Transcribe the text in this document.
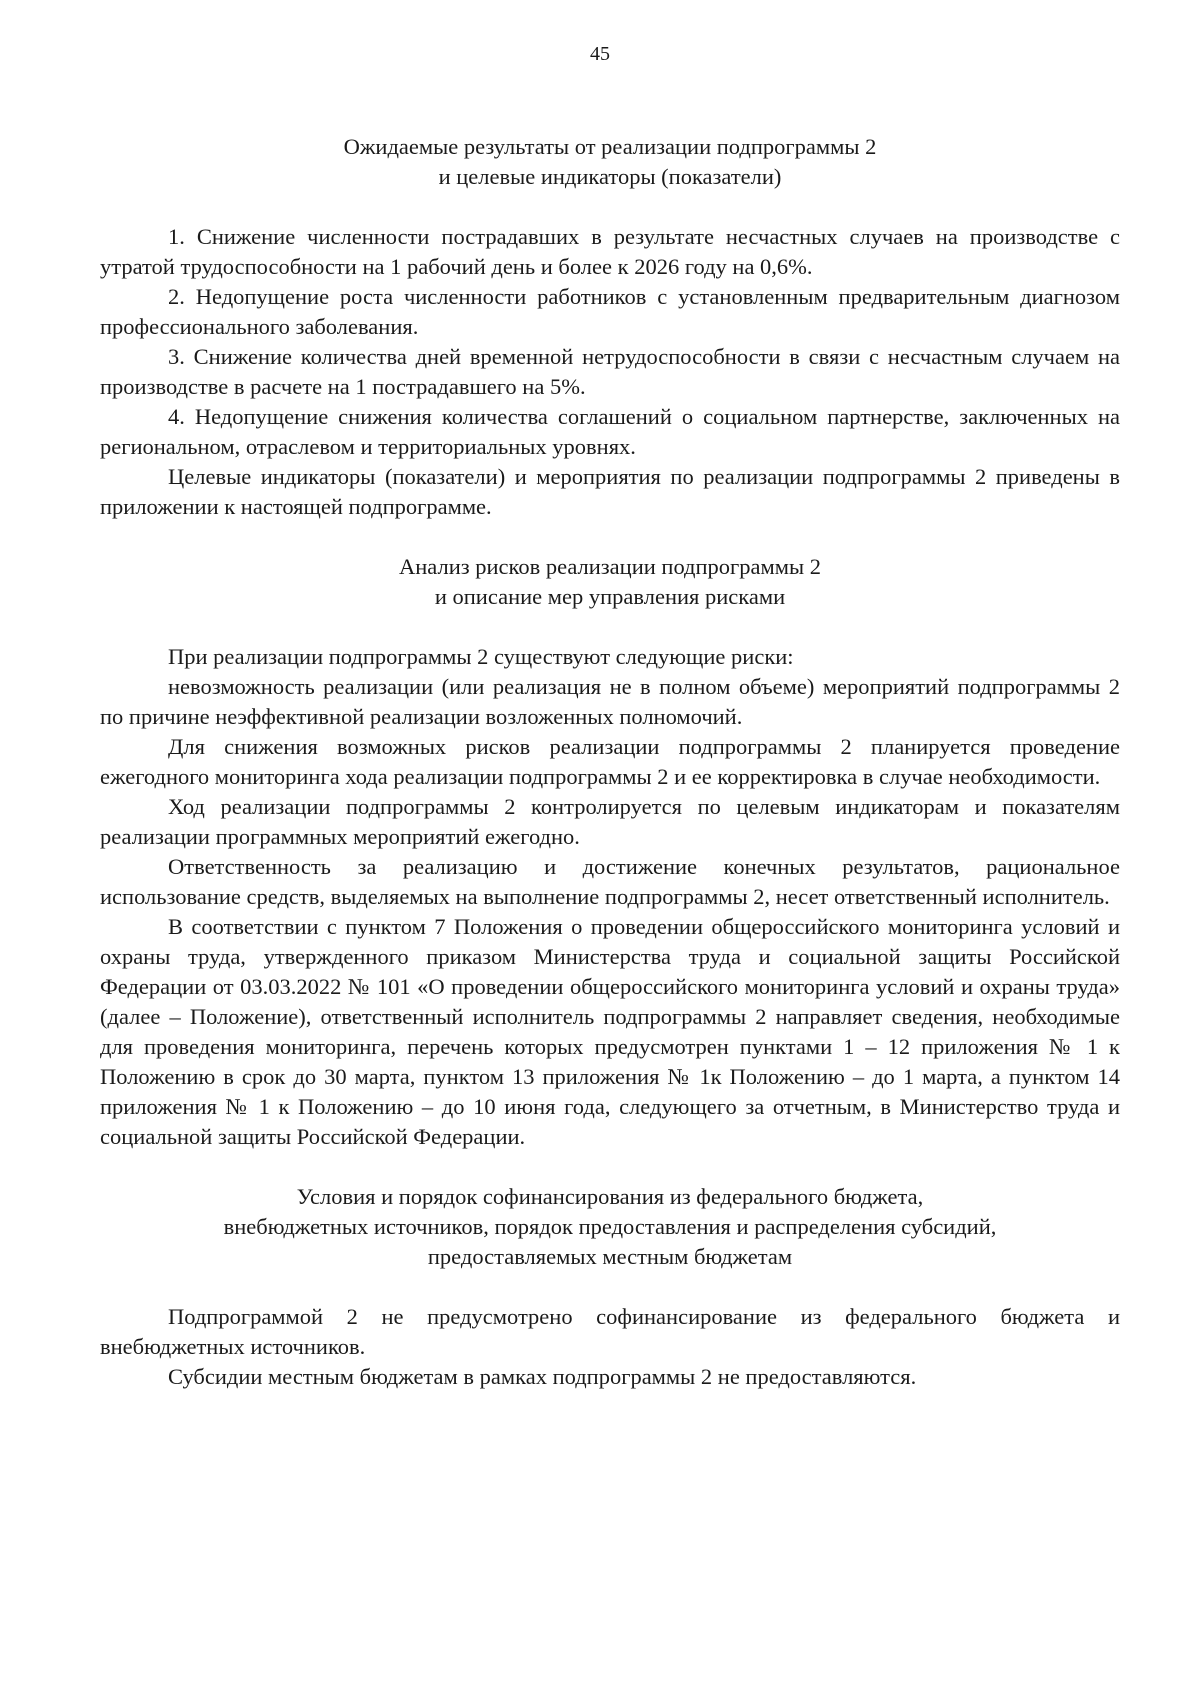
45
Ожидаемые результаты от реализации подпрограммы 2
и целевые индикаторы (показатели)

1. Снижение численности пострадавших в результате несчастных случаев на производстве с утратой трудоспособности на 1 рабочий день и более к 2026 году на 0,6%.

2. Недопущение роста численности работников с установленным предварительным диагнозом профессионального заболевания.

3. Снижение количества дней временной нетрудоспособности в связи с несчастным случаем на производстве в расчете на 1 пострадавшего на 5%.

4. Недопущение снижения количества соглашений о социальном партнерстве, заключенных на региональном, отраслевом и территориальных уровнях.

Целевые индикаторы (показатели) и мероприятия по реализации подпрограммы 2 приведены в приложении к настоящей подпрограмме.

Анализ рисков реализации подпрограммы 2
и описание мер управления рисками

При реализации подпрограммы 2 существуют следующие риски:

невозможность реализации (или реализация не в полном объеме) мероприятий подпрограммы 2 по причине неэффективной реализации возложенных полномочий.

Для снижения возможных рисков реализации подпрограммы 2 планируется проведение ежегодного мониторинга хода реализации подпрограммы 2 и ее корректировка в случае необходимости.

Ход реализации подпрограммы 2 контролируется по целевым индикаторам и показателям реализации программных мероприятий ежегодно.

Ответственность за реализацию и достижение конечных результатов, рациональное использование средств, выделяемых на выполнение подпрограммы 2, несет ответственный исполнитель.

В соответствии с пунктом 7 Положения о проведении общероссийского мониторинга условий и охраны труда, утвержденного приказом Министерства труда и социальной защиты Российской Федерации от 03.03.2022 № 101 «О проведении общероссийского мониторинга условий и охраны труда» (далее – Положение), ответственный исполнитель подпрограммы 2 направляет сведения, необходимые для проведения мониторинга, перечень которых предусмотрен пунктами 1 – 12 приложения № 1 к Положению в срок до 30 марта, пунктом 13 приложения № 1к Положению – до 1 марта, а пунктом 14 приложения № 1 к Положению – до 10 июня года, следующего за отчетным, в Министерство труда и социальной защиты Российской Федерации.

Условия и порядок софинансирования из федерального бюджета,
внебюджетных источников, порядок предоставления и распределения субсидий,
предоставляемых местным бюджетам

Подпрограммой 2 не предусмотрено софинансирование из федерального бюджета и внебюджетных источников.

Субсидии местным бюджетам в рамках подпрограммы 2 не предоставляются.
